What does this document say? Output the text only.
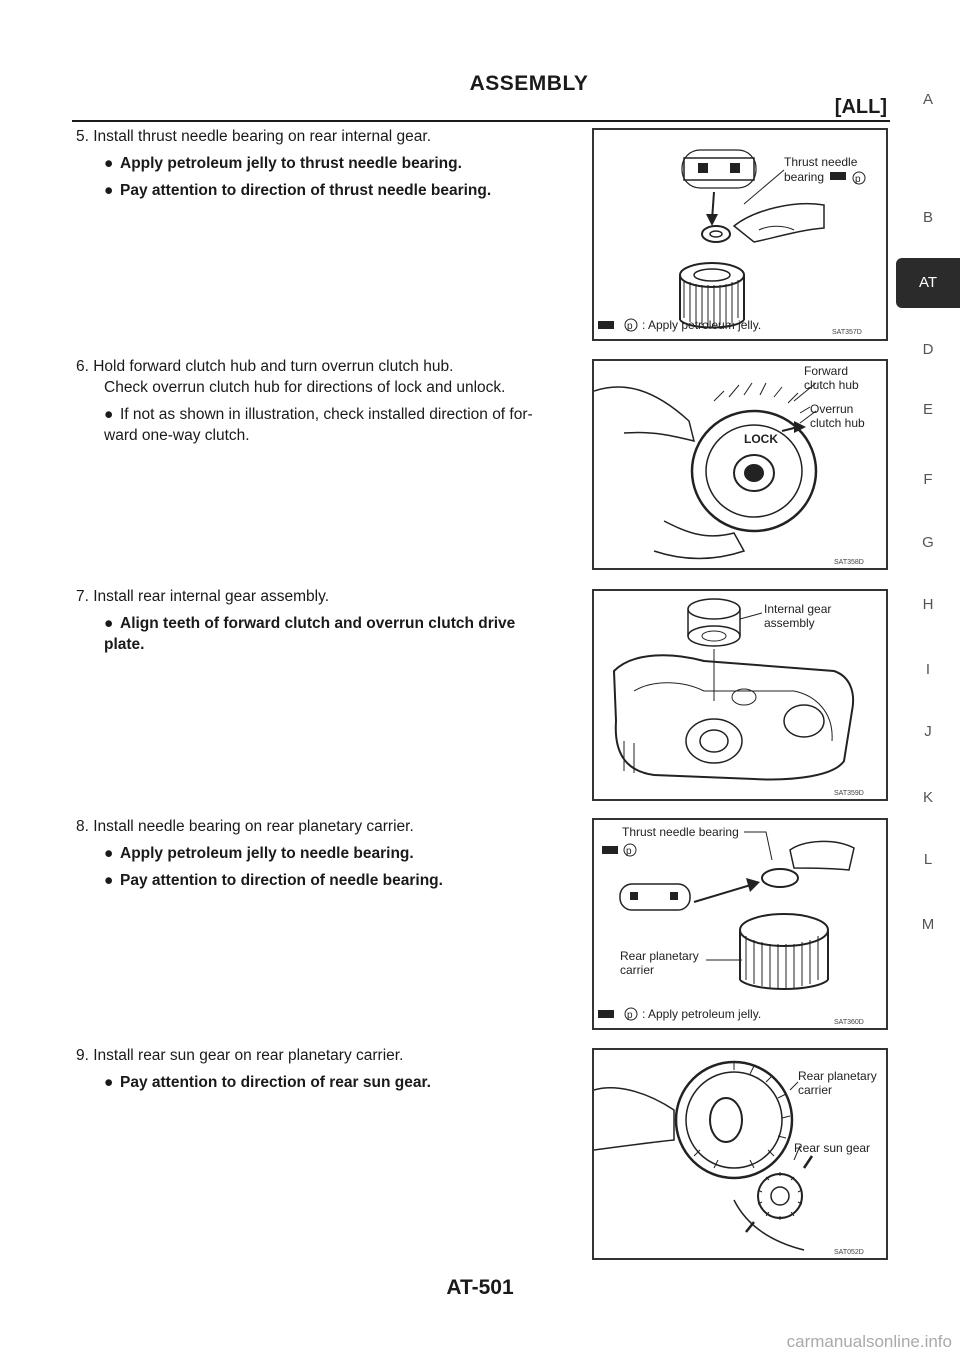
ASSEMBLY
[ALL]	A
B
AT
D
E
F
G
H
I
J
K
L
M
5. Install thrust needle bearing on rear internal gear.
● Apply petroleum jelly to thrust needle bearing.
● Pay attention to direction of thrust needle bearing.
Thrust needle
bearing	p
p : Apply petroleum jelly.
SAT357D
6. Hold forward clutch hub and turn overrun clutch hub.
Check overrun clutch hub for directions of lock and unlock.
● If not as shown in illustration, check installed direction of for-
ward one-way clutch.	LOCK
Forward
clutch hub
Overrun
clutch hub
SAT358D
7. Install rear internal gear assembly.
● Align teeth of forward clutch and overrun clutch drive
plate.
Internal gear
assembly
SAT359D
8. Install needle bearing on rear planetary carrier.
● Apply petroleum jelly to needle bearing.
● Pay attention to direction of needle bearing.
Thrust needle bearing
p
Rear planetary
carrier
p : Apply petroleum jelly.
SAT360D
9. Install rear sun gear on rear planetary carrier.
● Pay attention to direction of rear sun gear.	Rear planetary
carrier
Rear sun gear
SAT052D
AT-501
carmanualsonline.info
